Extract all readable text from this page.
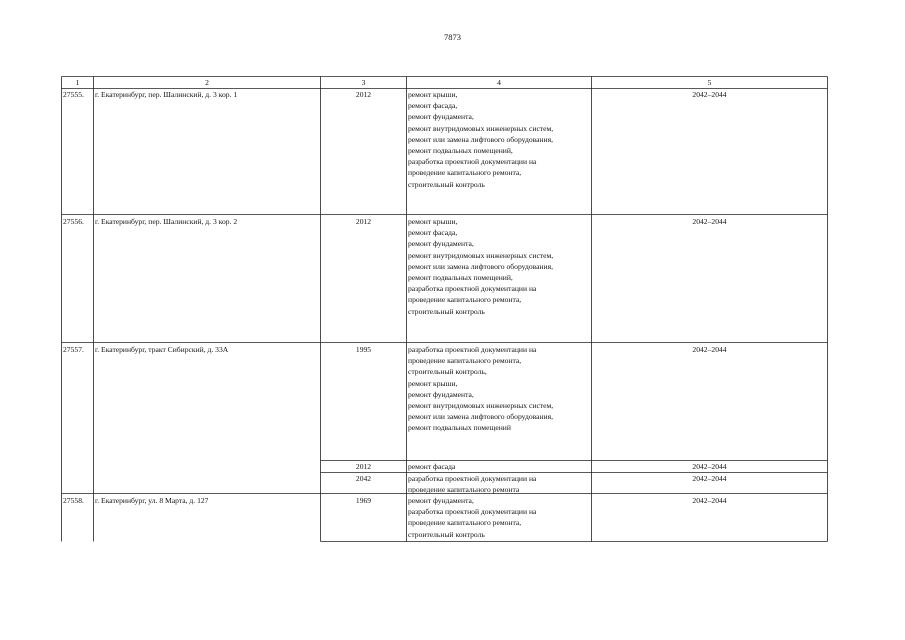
7873
1	2	3	4	5
27555. г. Екатеринбург, пер. Шалинский, д. 3 кор. 1	2012	ремонт крыши,
ремонт фасада,
ремонт фундамента,
ремонт внутридомовых инженерных систем,
ремонт или замена лифтового оборудования,
ремонт подвальных помещений,
разработка проектной документации на
проведение капитального ремонта,
строительный контроль
2042–2044
27556. г. Екатеринбург, пер. Шалинский, д. 3 кор. 2	2012	ремонт крыши,
ремонт фасада,
ремонт фундамента,
ремонт внутридомовых инженерных систем,
ремонт или замена лифтового оборудования,
ремонт подвальных помещений,
разработка проектной документации на
проведение капитального ремонта,
строительный контроль
2042–2044
27557. г. Екатеринбург, тракт Сибирский, д. 33А	1995	разработка проектной документации на
проведение капитального ремонта,
строительный контроль,
ремонт крыши,
ремонт фундамента,
ремонт внутридомовых инженерных систем,
ремонт или замена лифтового оборудования,
ремонт подвальных помещений
2042–2044
2012	ремонт фасада	2042–2044
2042	разработка проектной документации на
проведение капитального ремонта
2042–2044
27558. г. Екатеринбург, ул. 8 Марта, д. 127	1969	ремонт фундамента,
разработка проектной документации на
проведение капитального ремонта,
строительный контроль
2042–2044
